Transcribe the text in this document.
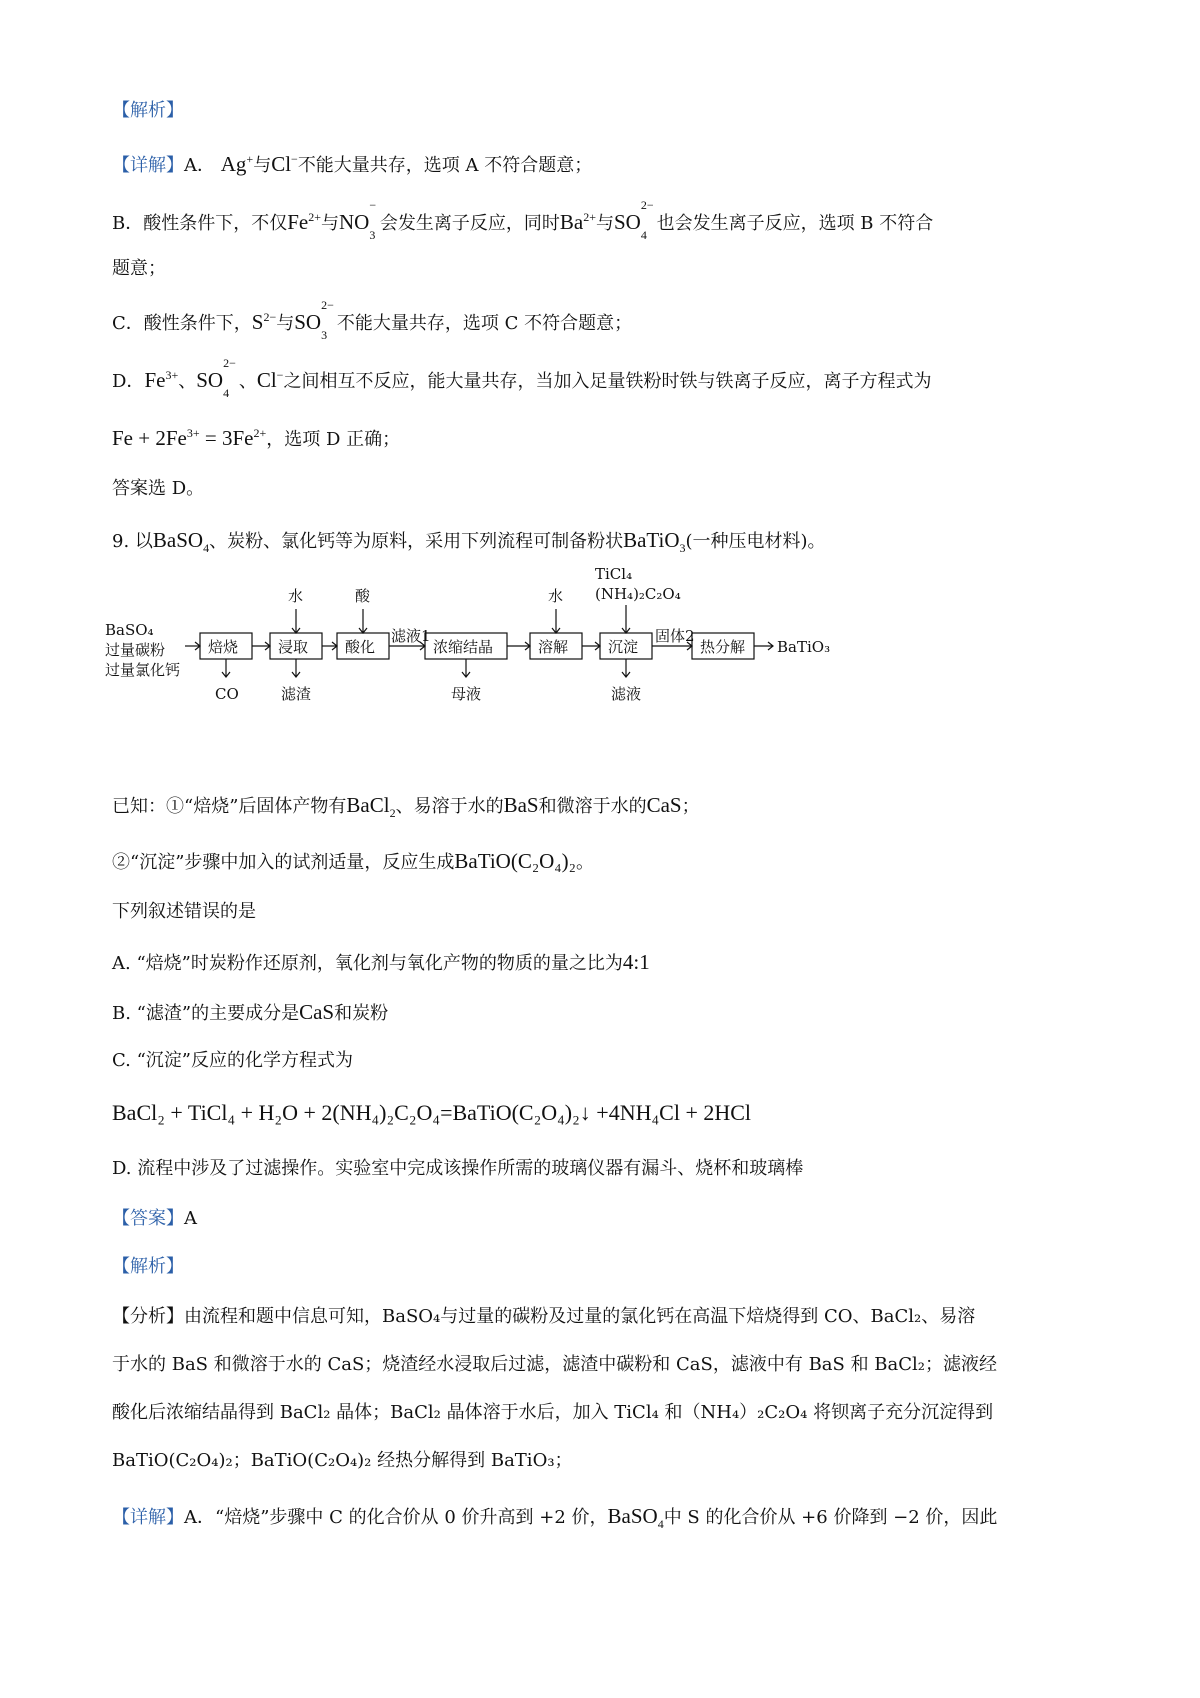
【解析】
【详解】A． Ag+与Cl−不能大量共存，选项 A 不符合题意；
B．酸性条件下，不仅$Fe^{2+}$与NO
−
3
会发生离子反应，同时$Ba^{2+}$与SO
2−
4
也会发生离子反应，选项 B 不符合
题意；
C．酸性条件下，$S^{2-}$与SO
2−
3
不能大量共存，选项 C 不符合题意；
D．$Fe^{3+}$、SO
2−
4
、Cl−之间相互不反应，能大量共存，当加入足量铁粉时铁与铁离子反应，离子方程式为
$Fe + 2Fe^{3+} = 3Fe^{2+}$，选项 D 正确；
答案选 D。
9. 以BaSO$_4$、炭粉、氯化钙等为原料，采用下列流程可制备粉状BaTiO$_3$(一种压电材料)。
BaSO₄
过量碳粉
过量氯化钙
焙烧	浸取 酸化	浓缩结晶	溶解	沉淀	热分解
滤液1	固体2
BaTiO₃
水	酸	水
TiCl₄
(NH₄)₂C₂O₄
CO	滤渣	母液	滤液
已知：①“焙烧”后固体产物有BaCl$_2$、易溶于水的BaS和微溶于水的CaS；
②“沉淀”步骤中加入的试剂适量，反应生成BaTiO(C₂O₄)₂。
下列叙述错误的是
A. “焙烧”时炭粉作还原剂，氧化剂与氧化产物的物质的量之比为4:1
B. “滤渣”的主要成分是CaS和炭粉
C. “沉淀”反应的化学方程式为
BaCl₂ + TiCl₄ + H₂O + 2(NH₄)₂C₂O₄=BaTiO(C₂O₄)₂↓ +4NH₄Cl + 2HCl
D. 流程中涉及了过滤操作。实验室中完成该操作所需的玻璃仪器有漏斗、烧杯和玻璃棒
【答案】A
【解析】
【分析】由流程和题中信息可知，BaSO₄与过量的碳粉及过量的氯化钙在高温下焙烧得到 CO、BaCl₂、易溶
于水的 BaS 和微溶于水的 CaS；烧渣经水浸取后过滤，滤渣中碳粉和 CaS，滤液中有 BaS 和 BaCl₂；滤液经
酸化后浓缩结晶得到 BaCl₂ 晶体；BaCl₂ 晶体溶于水后，加入 TiCl₄ 和（NH₄）₂C₂O₄ 将钡离子充分沉淀得到
BaTiO(C₂O₄)₂；BaTiO(C₂O₄)₂ 经热分解得到 BaTiO₃；
【详解】A．“焙烧”步骤中 C 的化合价从 0 价升高到 +2 价，BaSO$_4$中 S 的化合价从 +6 价降到 −2 价，因此
